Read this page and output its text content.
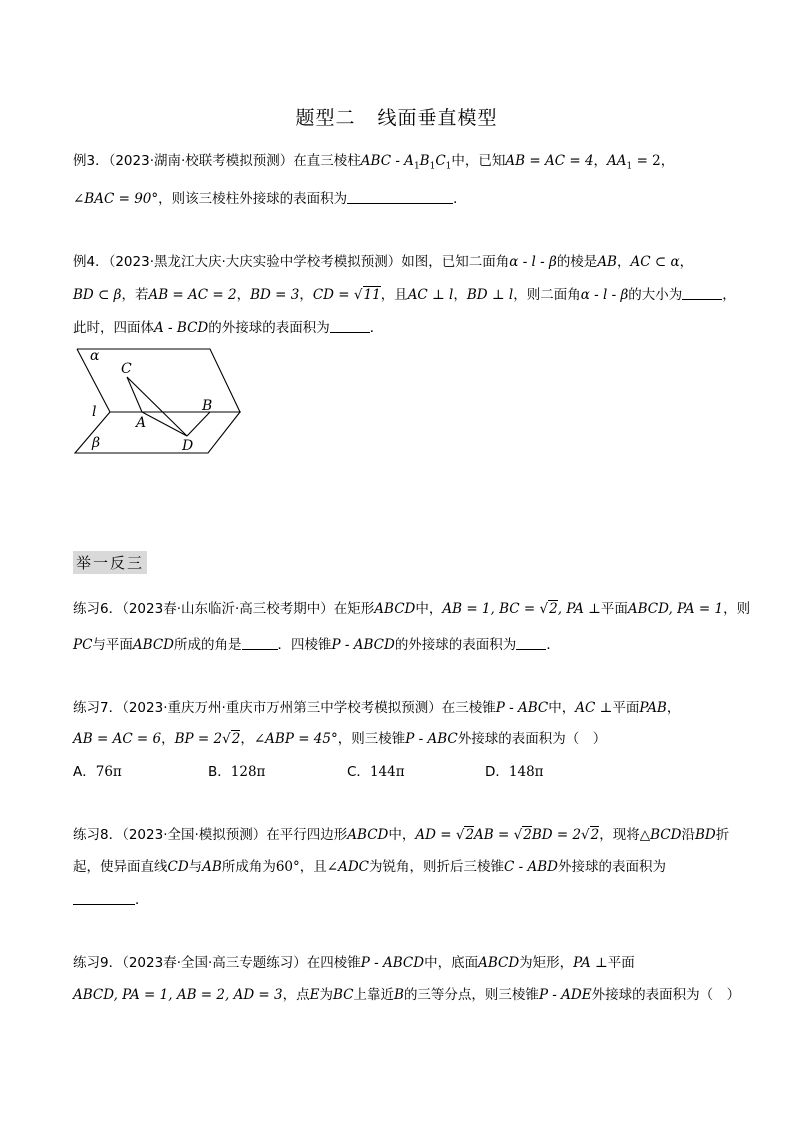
题型二 线面垂直模型
例3．（2023·湖南·校联考模拟预测）在直三棱柱ABC - $A_1B_1C_1$中，已知AB = AC = 4，$AA_1 = 2$，
∠BAC = 90°，则该三棱柱外接球的表面积为	．
例4．（2023·黑龙江大庆·大庆实验中学校考模拟预测）如图，已知二面角α - l - β的棱是AB，AC ⊂ α，
BD ⊂ β，若AB = AC = 2，BD = 3，CD = √11，且AC ⊥ l，BD ⊥ l，则二面角α - l - β的大小为	，
此时，四面体A - BCD的外接球的表面积为	．
α
l
β
C
A
B
D
举一反三
练习6．（2023春·山东临沂·高三校考期中）在矩形ABCD中，AB = 1, BC = √2, PA ⊥平面ABCD, PA = 1，则
PC与平面ABCD所成的角是	．四棱锥P - ABCD的外接球的表面积为 ．
练习7．（2023·重庆万州·重庆市万州第三中学校考模拟预测）在三棱锥P - ABC中，AC ⊥平面PAB，
AB = AC = 6，BP = 2√2，∠ABP = 45°，则三棱锥P - ABC外接球的表面积为（　）
A．76π	B．128π	C．144π	D．148π
练习8．（2023·全国·模拟预测）在平行四边形ABCD中，AD = √2AB = √2BD = 2√2，现将△BCD沿BD折
起，使异面直线CD与AB所成角为60°，且∠ADC为锐角，则折后三棱锥C - ABD外接球的表面积为
．
练习9．（2023春·全国·高三专题练习）在四棱锥P - ABCD中，底面ABCD为矩形，PA ⊥平面
ABCD, PA = 1, AB = 2, AD = 3，点E为BC上靠近B的三等分点，则三棱锥P - ADE外接球的表面积为（　）
